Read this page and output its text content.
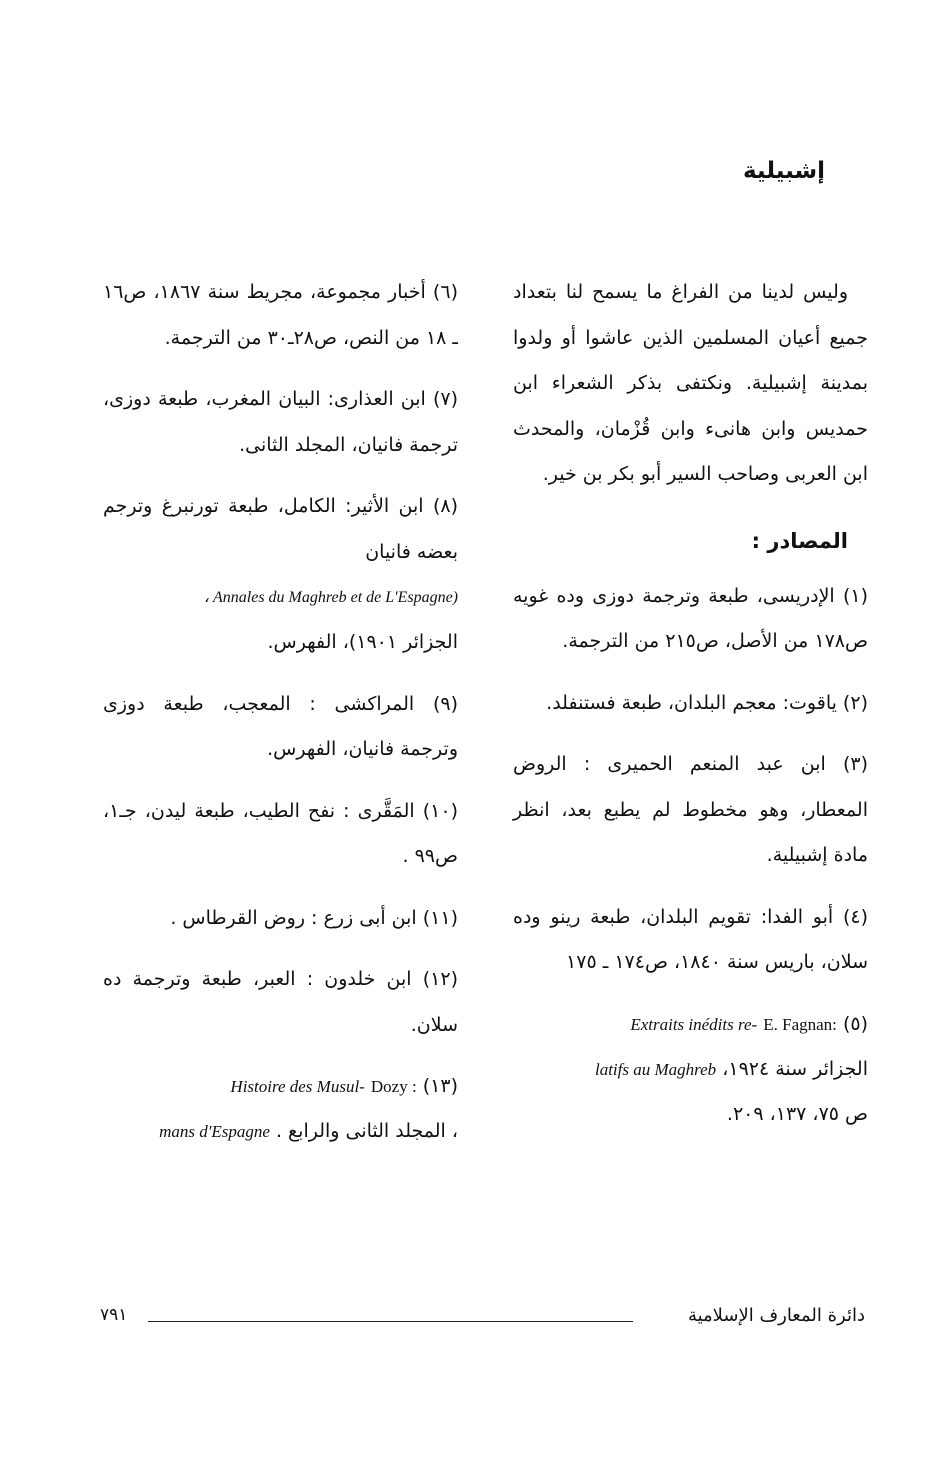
إشبيلية

وليس لدينا من الفراغ ما يسمح لنا بتعداد جميع أعيان المسلمين الذين عاشوا أو ولدوا بمدينة إشبيلية. ونكتفى بذكر الشعراء ابن حمديس وابن هانىء وابن قُزْمان، والمحدث ابن العربى وصاحب السير أبو بكر بن خير.

المصادر :

(١) الإدريسى، طبعة وترجمة دوزى وده غويه ص١٧٨ من الأصل، ص٢١٥ من الترجمة.

(٢) ياقوت: معجم البلدان، طبعة فستنفلد.

(٣) ابن عبد المنعم الحميرى : الروض المعطار، وهو مخطوط لم يطبع بعد، انظر مادة إشبيلية.

(٤) أبو الفدا: تقويم البلدان، طبعة رينو وده سلان، باريس سنة ١٨٤٠، ص١٧٤ ـ ١٧٥

Extraits inédits re- E. Fagnan: (٥)
الجزائر سنة ١٩٢٤، latifs au Maghreb
ص ٧٥، ١٣٧، ٢٠٩.

(٦) أخبار مجموعة، مجريط سنة ١٨٦٧، ص١٦ ـ ١٨ من النص، ص٢٨ـ٣٠ من الترجمة.

(٧) ابن العذارى: البيان المغرب، طبعة دوزى، ترجمة فانيان، المجلد الثانى.

(٨) ابن الأثير: الكامل، طبعة تورنبرغ وترجم بعضه فانيان
، Annales du Maghreb et de L'Espagne)
الجزائر ١٩٠١)، الفهرس.

(٩) المراكشى : المعجب، طبعة دوزى وترجمة فانيان، الفهرس.

(١٠) المَقَّرى : نفح الطيب، طبعة ليدن، جـ١، ص٩٩ .

(١١) ابن أبى زرع : روض القرطاس .

(١٢) ابن خلدون : العبر، طبعة وترجمة ده سلان.

Histoire des Musul- Dozy : (١٣)
، المجلد الثانى والرابع . mans d'Espagne
دائرة المعارف الإسلامية
٧٩١
